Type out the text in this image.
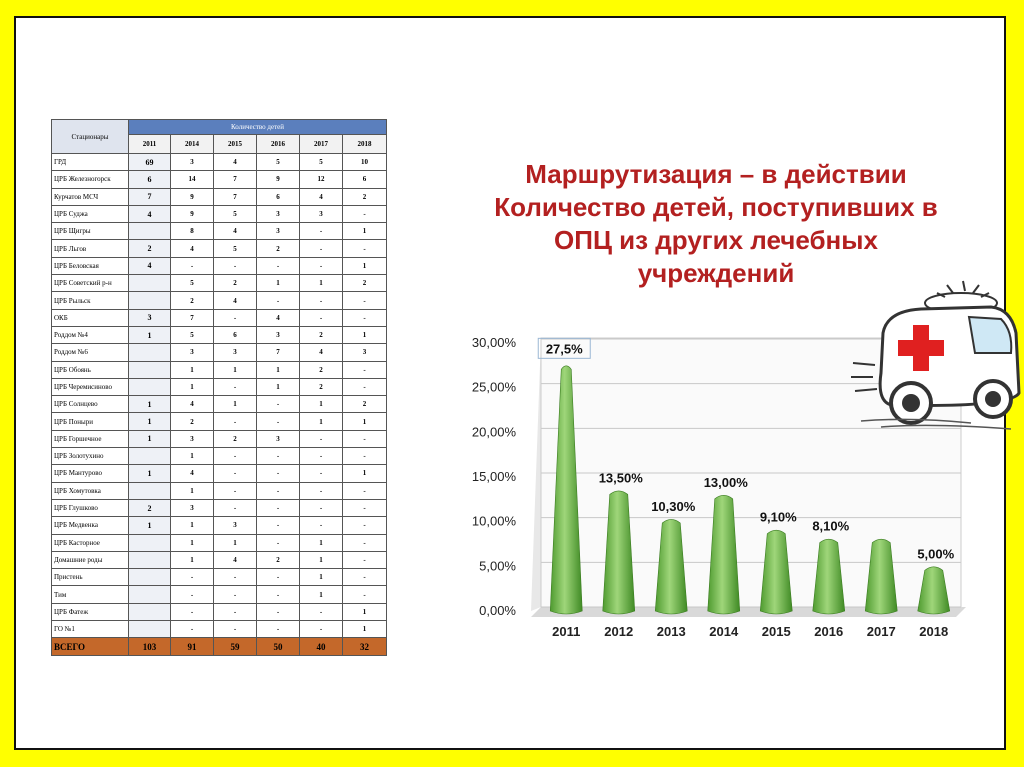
Стационары	Количество детей					
	2011	2014	2015	2016	2017	2018
ГРД	69	3	4	5	5	10
ЦРБ Железногорск	6	14	7	9	12	6
Курчатов МСЧ	7	9	7	6	4	2
ЦРБ Суджа	4	9	5	3	3	-
ЦРБ Щигры		8	4	3	-	1
ЦРБ Льгов	2	4	5	2	-	-
ЦРБ Беловская	4	-	-	-	-	1
ЦРБ Советский р-н		5	2	1	1	2
ЦРБ Рыльск		2	4	-	-	-
ОКБ	3	7	-	4	-	-
Роддом №4	1	5	6	3	2	1
Роддом №6		3	3	7	4	3
ЦРБ Обоянь		1	1	1	2	-
ЦРБ Черемисиново		1	-	1	2	-
ЦРБ Солнцево	1	4	1	-	1	2
ЦРБ Поныри	1	2	-	-	1	1
ЦРБ Горшечное	1	3	2	3	-	-
ЦРБ Золотухино		1	-	-	-	-
ЦРБ Мантурово	1	4	-	-	-	1
ЦРБ Хомутовка		1	-	-	-	-
ЦРБ Глушково	2	3	-	-	-	-
ЦРБ Медвенка	1	1	3	-	-	-
ЦРБ Касторное		1	1	-	1	-
Домашние роды		1	4	2	1	-
Пристень		-	-	-	1	-
Тим		-	-	-	1	-
ЦРБ Фатеж		-	-	-	-	1
ГО №1		-	-	-	-	1
ВСЕГО	103	91	59	50	40	32
Маршрутизация – в действии
Количество детей, поступивших в
ОПЦ из других лечебных
учреждений
0,00%
5,00%
10,00%
15,00%
20,00%
25,00%
30,00% 27,5%
2011
13,50%
2012
10,30%
2013
13,00%
2014
9,10%
2015
8,10%
2016 2017
5,00%
2018
